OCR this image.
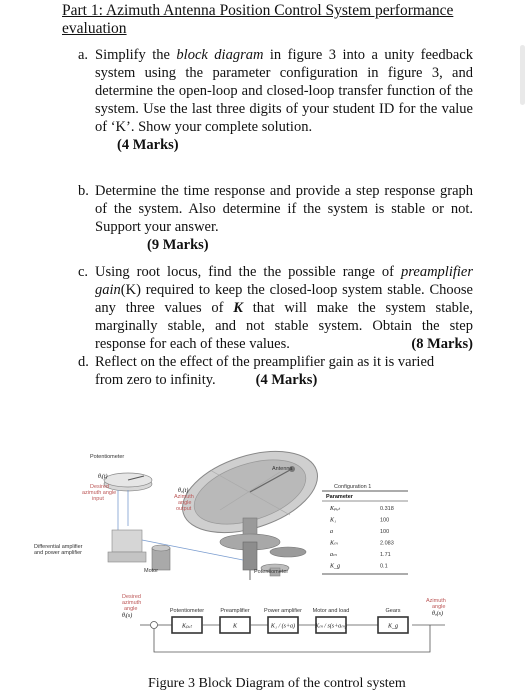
Part 1: Azimuth Antenna Position Control System performance evaluation
a. Simplify the block diagram in figure 3 into a unity feedback system using the parameter configuration in figure 3, and determine the open-loop and closed-loop transfer function of the system. Use the last three digits of your student ID for the value of ‘K’. Show your complete solution.
(4 Marks)
b. Determine the time response and provide a step response graph of the system. Also determine if the system is stable or not. Support your answer.
(9 Marks)
c. Using root locus, find the the possible range of preamplifier gain(K) required to keep the closed-loop system stable. Choose any three values of K that will make the system stable, marginally stable, and not stable system. Obtain the step response for each of these values.	(8 Marks)
d. Reflect on the effect of the preamplifier gain as it is varied
from zero to infinity.	(4 Marks)
Potentiometer
θᵢ(t)
Desired
azimuth angle
input
θₒ(t)
Azimuth
angle
output
Antenna
Differential amplifier
and power amplifier
Motor	Potentiometer
Configuration 1
Parameter
Kₚₒₜ	0.318
K₁	100
a	100
Kₘ	2.083
aₘ	1.71
K_g	0.1
Desired
azimuth
angle
θᵢ(s)
Kₚₒₜ
Potentiometer
K
Preamplifier
K₁ / (s+a)
Power amplifier
Kₘ / s(s+aₘ)
Motor and load
K_g
Gears
Azimuth
angle
θₒ(s)
Figure 3 Block Diagram of the control system
